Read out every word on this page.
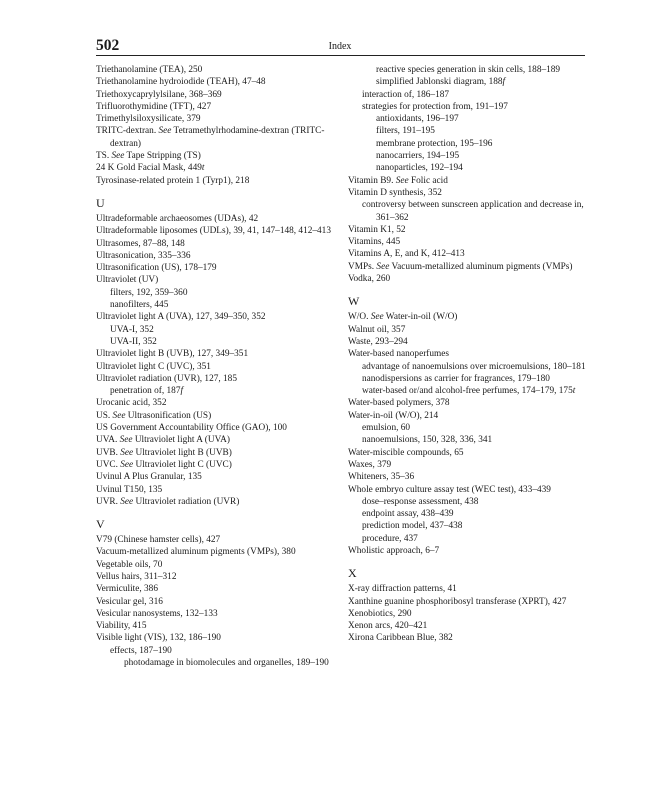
502	Index
Triethanolamine (TEA), 250
Triethanolamine hydroiodide (TEAH), 47–48
Triethoxycaprylylsilane, 368–369
Trifluorothymidine (TFT), 427
Trimethylsiloxysilicate, 379
TRITC-dextran. See Tetramethylrhodamine-dextran (TRITC-dextran)
TS. See Tape Stripping (TS)
24 K Gold Facial Mask, 449t
Tyrosinase-related protein 1 (Tyrp1), 218
U
Ultradeformable archaeosomes (UDAs), 42
Ultradeformable liposomes (UDLs), 39, 41, 147–148, 412–413
Ultrasomes, 87–88, 148
Ultrasonication, 335–336
Ultrasonification (US), 178–179
Ultraviolet (UV)
filters, 192, 359–360
nanofilters, 445
Ultraviolet light A (UVA), 127, 349–350, 352
UVA-I, 352
UVA-II, 352
Ultraviolet light B (UVB), 127, 349–351
Ultraviolet light C (UVC), 351
Ultraviolet radiation (UVR), 127, 185
penetration of, 187f
Urocanic acid, 352
US. See Ultrasonification (US)
US Government Accountability Office (GAO), 100
UVA. See Ultraviolet light A (UVA)
UVB. See Ultraviolet light B (UVB)
UVC. See Ultraviolet light C (UVC)
Uvinul A Plus Granular, 135
Uvinul T150, 135
UVR. See Ultraviolet radiation (UVR)
V
V79 (Chinese hamster cells), 427
Vacuum-metallized aluminum pigments (VMPs), 380
Vegetable oils, 70
Vellus hairs, 311–312
Vermiculite, 386
Vesicular gel, 316
Vesicular nanosystems, 132–133
Viability, 415
Visible light (VIS), 132, 186–190
effects, 187–190
photodamage in biomolecules and organelles, 189–190
reactive species generation in skin cells, 188–189
simplified Jablonski diagram, 188f
interaction of, 186–187
strategies for protection from, 191–197
antioxidants, 196–197
filters, 191–195
membrane protection, 195–196
nanocarriers, 194–195
nanoparticles, 192–194
Vitamin B9. See Folic acid
Vitamin D synthesis, 352
controversy between sunscreen application and decrease in, 361–362
Vitamin K1, 52
Vitamins, 445
Vitamins A, E, and K, 412–413
VMPs. See Vacuum-metallized aluminum pigments (VMPs)
Vodka, 260
W
W/O. See Water-in-oil (W/O)
Walnut oil, 357
Waste, 293–294
Water-based nanoperfumes
advantage of nanoemulsions over microemulsions, 180–181
nanodispersions as carrier for fragrances, 179–180
water-based or/and alcohol-free perfumes, 174–179, 175t
Water-based polymers, 378
Water-in-oil (W/O), 214
emulsion, 60
nanoemulsions, 150, 328, 336, 341
Water-miscible compounds, 65
Waxes, 379
Whiteners, 35–36
Whole embryo culture assay test (WEC test), 433–439
dose–response assessment, 438
endpoint assay, 438–439
prediction model, 437–438
procedure, 437
Wholistic approach, 6–7
X
X-ray diffraction patterns, 41
Xanthine guanine phosphoribosyl transferase (XPRT), 427
Xenobiotics, 290
Xenon arcs, 420–421
Xirona Caribbean Blue, 382
